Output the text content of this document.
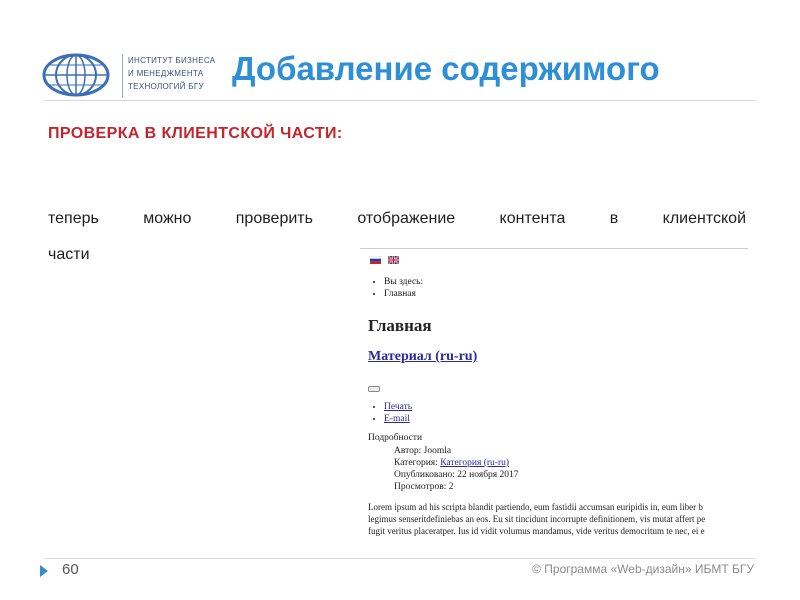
ИНСТИТУТ БИЗНЕСА
И МЕНЕДЖМЕНТА
ТЕХНОЛОГИЙ БГУ Добавление содержимого
ПРОВЕРКА В КЛИЕНТСКОЙ ЧАСТИ:
теперь можно проверить отображение контента в клиентской
части
• Вы здесь:
• Главная
Главная
Материал (ru-ru)
• Печать
• E-mail
Подробности
Автор: Joomla
Категория: Категория (ru-ru)
Опубликовано: 22 ноября 2017
Просмотров: 2
Lorem ipsum ad his scripta blandit partiendo, eum fastidii accumsan euripidis in, eum liber b
legimus senseritdefiniebas an eos. Eu sit tincidunt incorrupte definitionem, vis mutat affert pe
fugit veritus placeratper. Ius id vidit volumus mandamus, vide veritus democritum te nec, ei e
60	© Программа «Web-дизайн» ИБМТ БГУ
